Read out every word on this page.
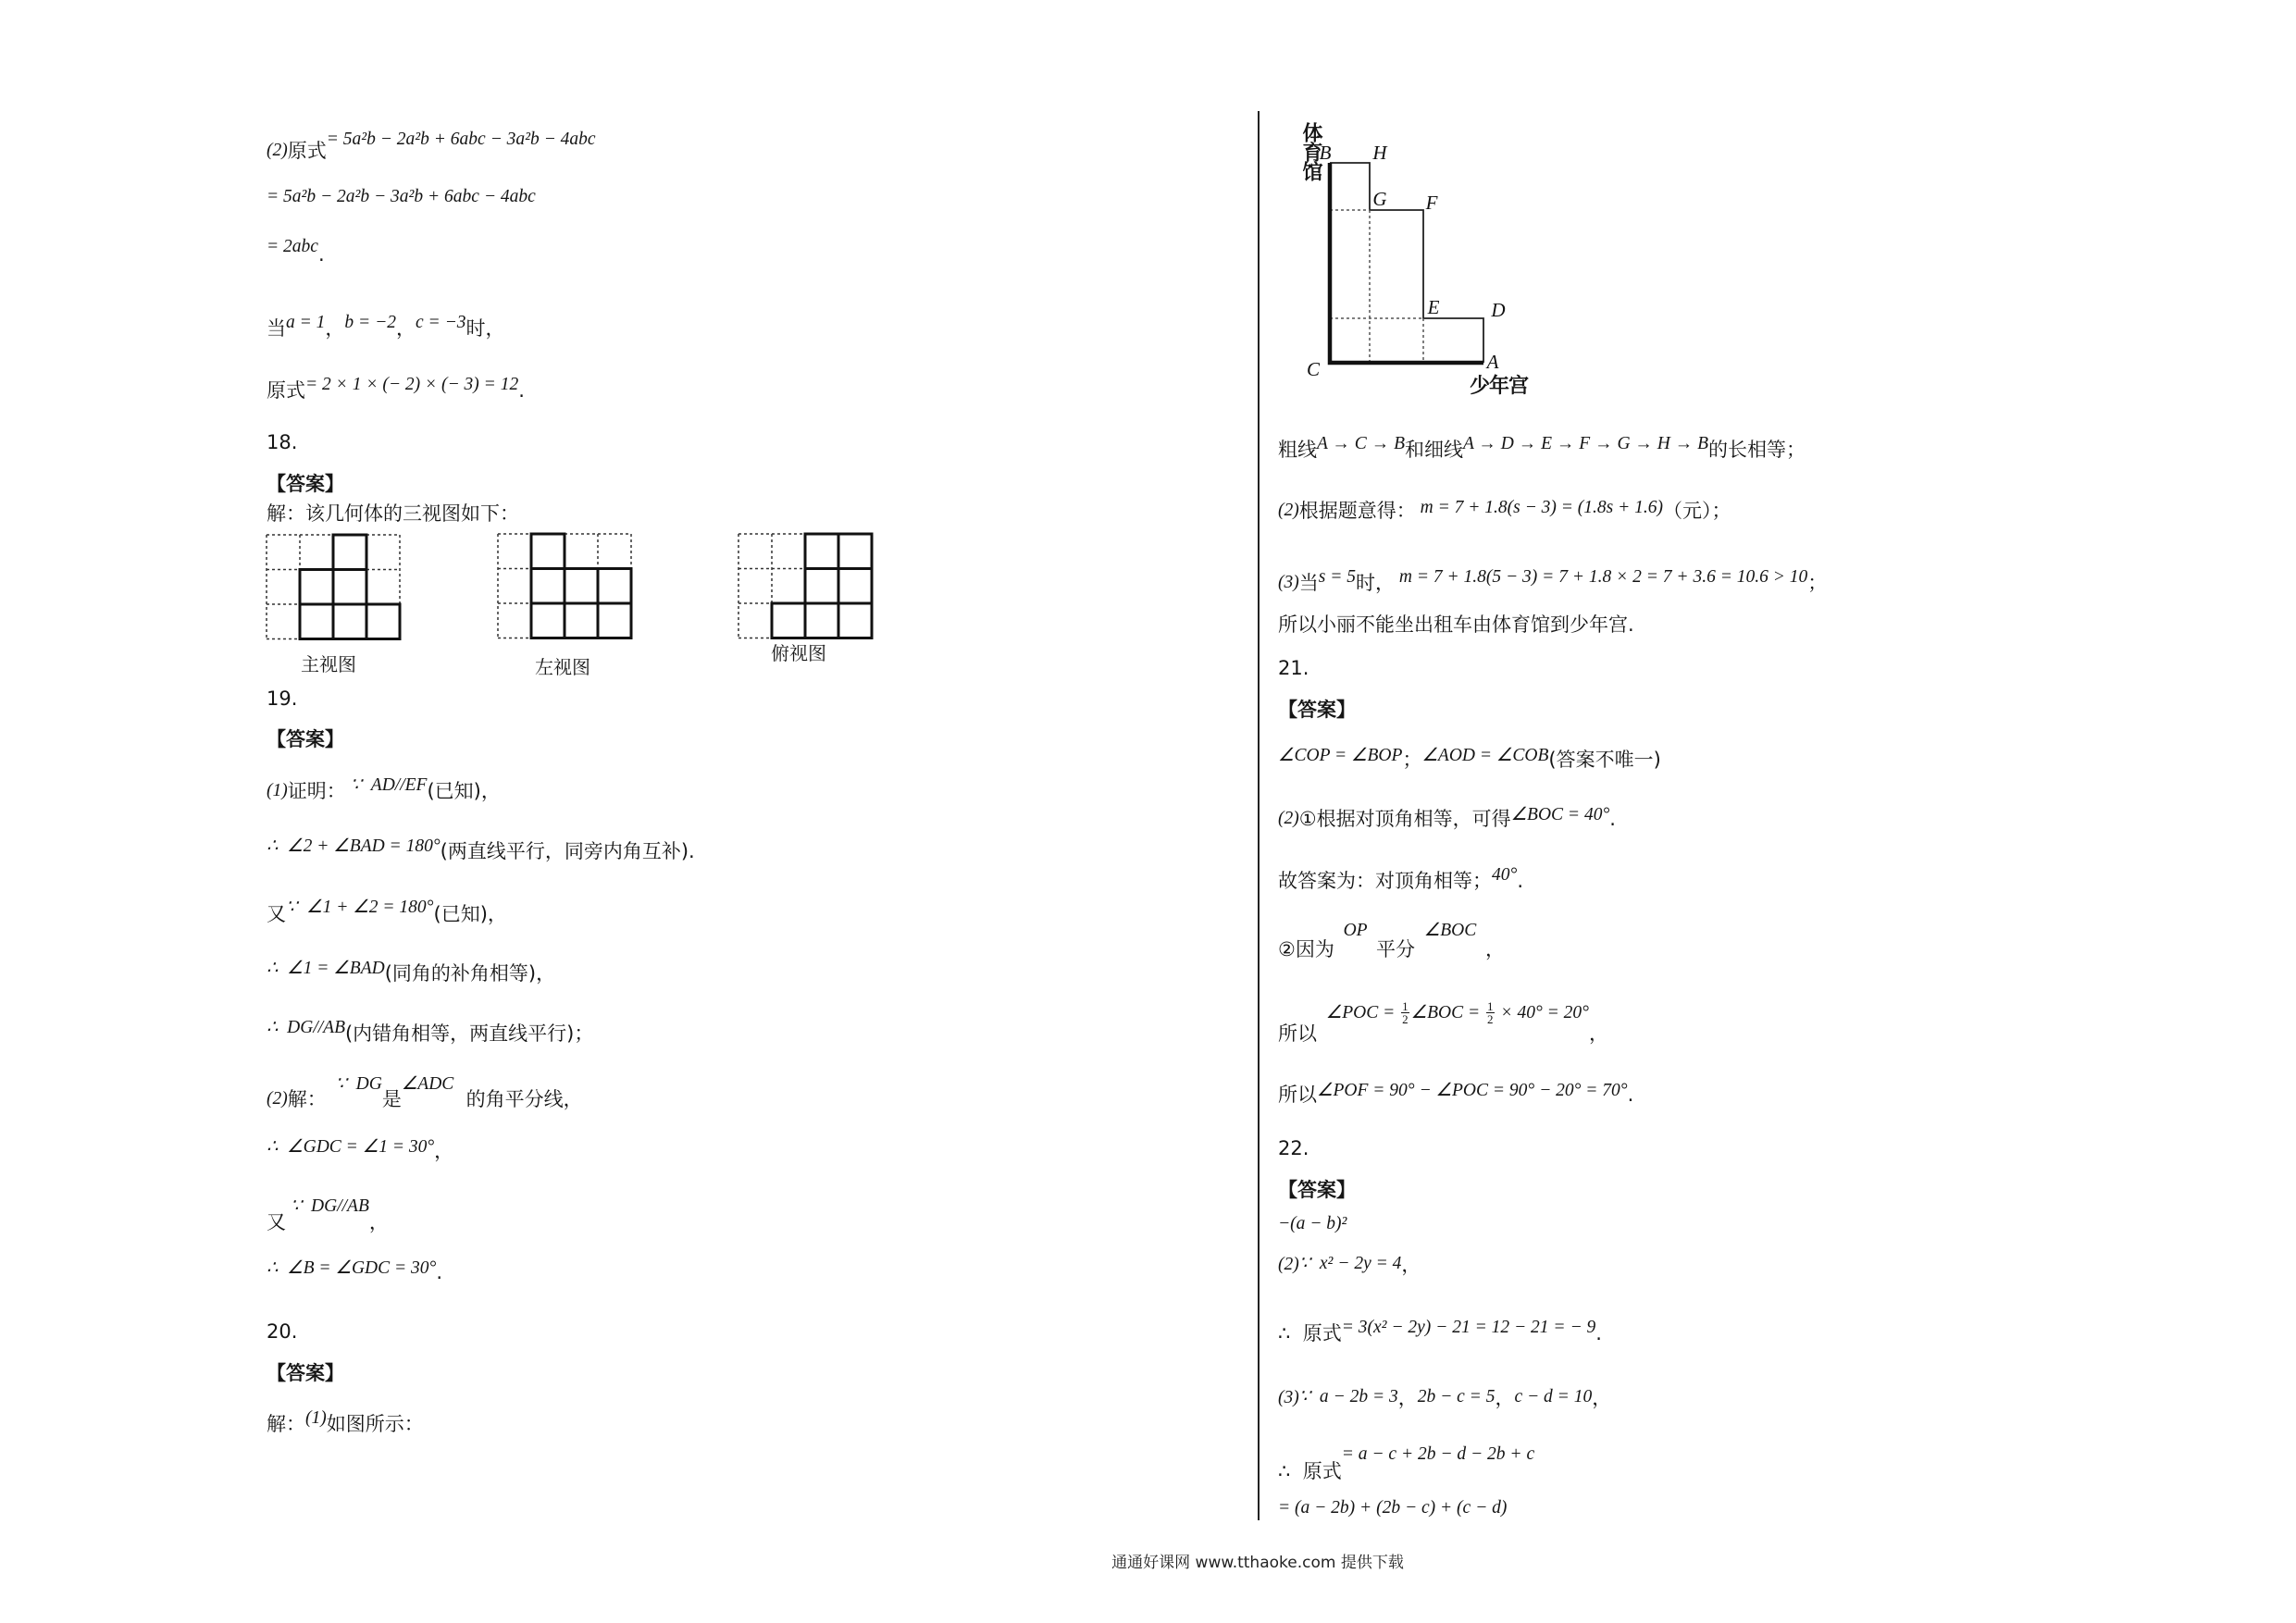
(2)原式= 5a²b − 2a²b + 6abc − 3a²b − 4abc
= 5a²b − 2a²b − 3a²b + 6abc − 4abc
= 2abc.
当a = 1，b = −2，c = −3时，
原式= 2 × 1 × (− 2) × (− 3) = 12.
18.
【答案】
解：该几何体的三视图如下：
主视图	左视图
俯视图
19.
【答案】
(1)证明： ∵  AD//EF(已知)，
∴  ∠2 + ∠BAD = 180°(两直线平行，同旁内角互补).
又∵  ∠1 + ∠2 = 180°(已知)，
∴  ∠1 = ∠BAD(同角的补角相等)，
∴  DG//AB(内错角相等，两直线平行)；
(2)解：  ∵  DG是∠ADC  的角平分线，
∴  ∠GDC = ∠1 = 30°，
又 ∵  DG//AB，
∴  ∠B = ∠GDC = 30°.
20.
【答案】
解：(1)如图所示：
体育馆
B H
G F
E	D
C	A
少年宫
粗线A → C → B和细线A → D → E → F → G → H → B的长相等；
(2)根据题意得： m = 7 + 1.8(s − 3) = (1.8s + 1.6)（元）；
(3)当s = 5时， m = 7 + 1.8(5 − 3) = 7 + 1.8 × 2 = 7 + 3.6 = 10.6 > 10；
所以小丽不能坐出租车由体育馆到少年宫.
21.
【答案】
∠COP = ∠BOP；∠AOD = ∠COB(答案不唯一)
(2)①根据对顶角相等，可得∠BOC = 40°.
故答案为：对顶角相等；40°.
②因为  OP  平分  ∠BOC  ，
所以  ∠POC = $\frac{1}{2}$ ∠BOC = $\frac{1}{2} \times 40^\circ = 20^\circ$，
所以∠POF = 90° − ∠POC = 90° − 20° = 70°.
22.
【答案】
−(a − b)²
(2)∵  x² − 2y = 4，
∴  原式= 3(x² − 2y) − 21 = 12 − 21 = − 9.
(3)∵  a − 2b = 3，2b − c = 5，c − d = 10，
∴  原式= a − c + 2b − d − 2b + c
= (a − 2b) + (2b − c) + (c − d)
通通好课网 www.tthaoke.com 提供下载
